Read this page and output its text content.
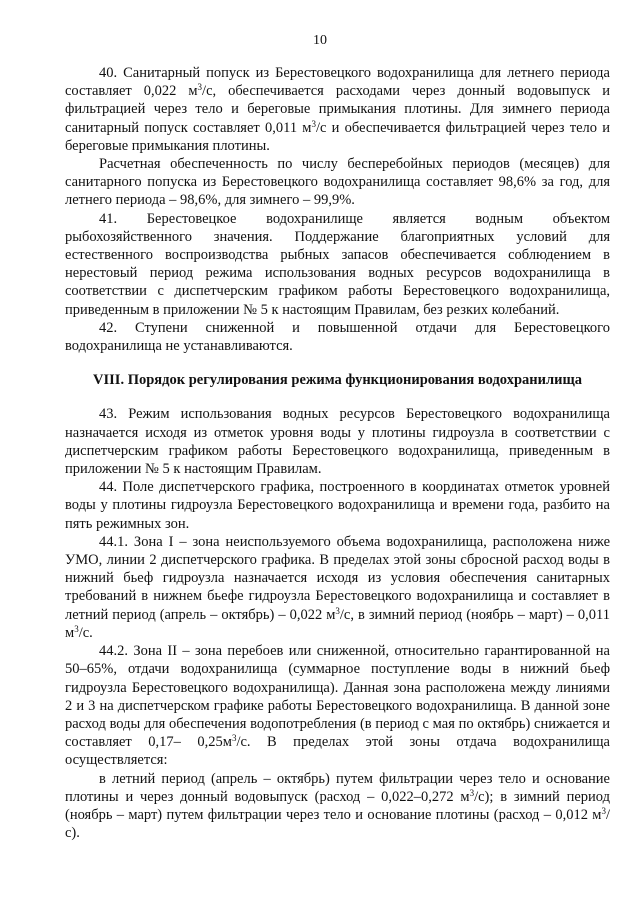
10

40. Санитарный попуск из Берестовецкого водохранилища для летнего периода составляет 0,022 $м^3/с$, обеспечивается расходами через донный водовыпуск и фильтрацией через тело и береговые примыкания плотины. Для зимнего периода санитарный попуск составляет 0,011 $м^3/с$ и обеспечивается фильтрацией через тело и береговые примыкания плотины.

Расчетная обеспеченность по числу бесперебойных периодов (месяцев) для санитарного попуска из Берестовецкого водохранилища составляет 98,6% за год, для летнего периода – 98,6%, для зимнего – 99,9%.

41. Берестовецкое водохранилище является водным объектом рыбохозяйственного значения. Поддержание благоприятных условий для естественного воспроизводства рыбных запасов обеспечивается соблюдением в нерестовый период режима использования водных ресурсов водохранилища в соответствии с диспетчерским графиком работы Берестовецкого водохранилища, приведенным в приложении № 5 к настоящим Правилам, без резких колебаний.

42. Ступени сниженной и повышенной отдачи для Берестовецкого водохранилища не устанавливаются.

VIII. Порядок регулирования режима функционирования водохранилища

43. Режим использования водных ресурсов Берестовецкого водохранилища назначается исходя из отметок уровня воды у плотины гидроузла в соответствии с диспетчерским графиком работы Берестовецкого водохранилища, приведенным в приложении № 5 к настоящим Правилам.

44. Поле диспетчерского графика, построенного в координатах отметок уровней воды у плотины гидроузла Берестовецкого водохранилища и времени года, разбито на пять режимных зон.

44.1. Зона I – зона неиспользуемого объема водохранилища, расположена ниже УМО, линии 2 диспетчерского графика. В пределах этой зоны сбросной расход воды в нижний бьеф гидроузла назначается исходя из условия обеспечения санитарных требований в нижнем бьефе гидроузла Берестовецкого водохранилища и составляет в летний период (апрель – октябрь) – 0,022 $м^3/с$, в зимний период (ноябрь – март) – 0,011 $м^3/с$.

44.2. Зона II – зона перебоев или сниженной, относительно гарантированной на 50–65%, отдачи водохранилища (суммарное поступление воды в нижний бьеф гидроузла Берестовецкого водохранилища). Данная зона расположена между линиями 2 и 3 на диспетчерском графике работы Берестовецкого водохранилища. В данной зоне расход воды для обеспечения водопотребления (в период с мая по октябрь) снижается и составляет 0,17– $0,25м^3/с$. В пределах этой зоны отдача водохранилища осуществляется:

в летний период (апрель – октябрь) путем фильтрации через тело и основание плотины и через донный водовыпуск (расход – 0,022–0,272 $м^3/с$); в зимний период (ноябрь – март) путем фильтрации через тело и основание плотины (расход – 0,012 $м^3/с$).
